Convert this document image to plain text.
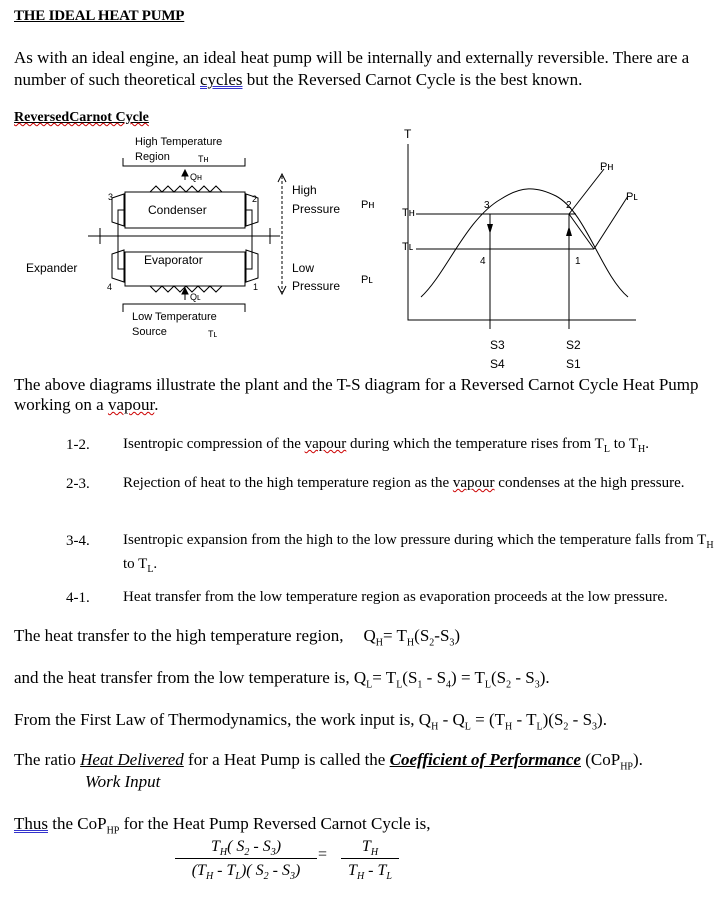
THE IDEAL HEAT PUMP
As with an ideal engine, an ideal heat pump will be internally and externally reversible. There are a number of such theoretical cycles but the Reversed Carnot Cycle is the best known.
ReversedCarnot Cycle
High Temperature
Region	Tʜ
Qʜ
Condenser
Evaporator
Expander
High
Pressure
Low
Pressure
Pʜ
Pʟ
Qʟ
Low Temperature
Source	Tʟ
3	2
4	1
T
Tʜ
Tʟ
Pʜ
Pʟ
3	2
4	1
S3
S4
S2
S1
The above diagrams illustrate the plant and the T-S diagram for a Reversed Carnot Cycle Heat Pump working on a vapour.
1-2. Isentropic compression of the vapour during which the temperature rises from $T_L$ to $T_H$.
2-3. Rejection of heat to the high temperature region as the vapour condenses at the high pressure.
3-4. Isentropic expansion from the high to the low pressure during which the temperature falls from $T_H$ to $T_L$.
4-1. Heat transfer from the low temperature region as evaporation proceeds at the low pressure.
The heat transfer to the high temperature region, $Q_H= T_H(S_2-S_3)$
and the heat transfer from the low temperature is, $Q_L= T_L(S_1 - S_4) = T_L(S_2 - S_3)$.
From the First Law of Thermodynamics, the work input is, $Q_H - Q_L = (T_H - T_L)(S_2 - S_3)$.
The ratio Heat Delivered for a Heat Pump is called the Coefficient of Performance (CoP$_{HP}$).
Work Input
Thus the CoP$_{HP}$ for the Heat Pump Reversed Carnot Cycle is,
$T_H$( $S_2 - S_3$)
$(T_H - T_L)$( $S_2 - S_3$)
=	$T_H$
$T_H - T_L$
